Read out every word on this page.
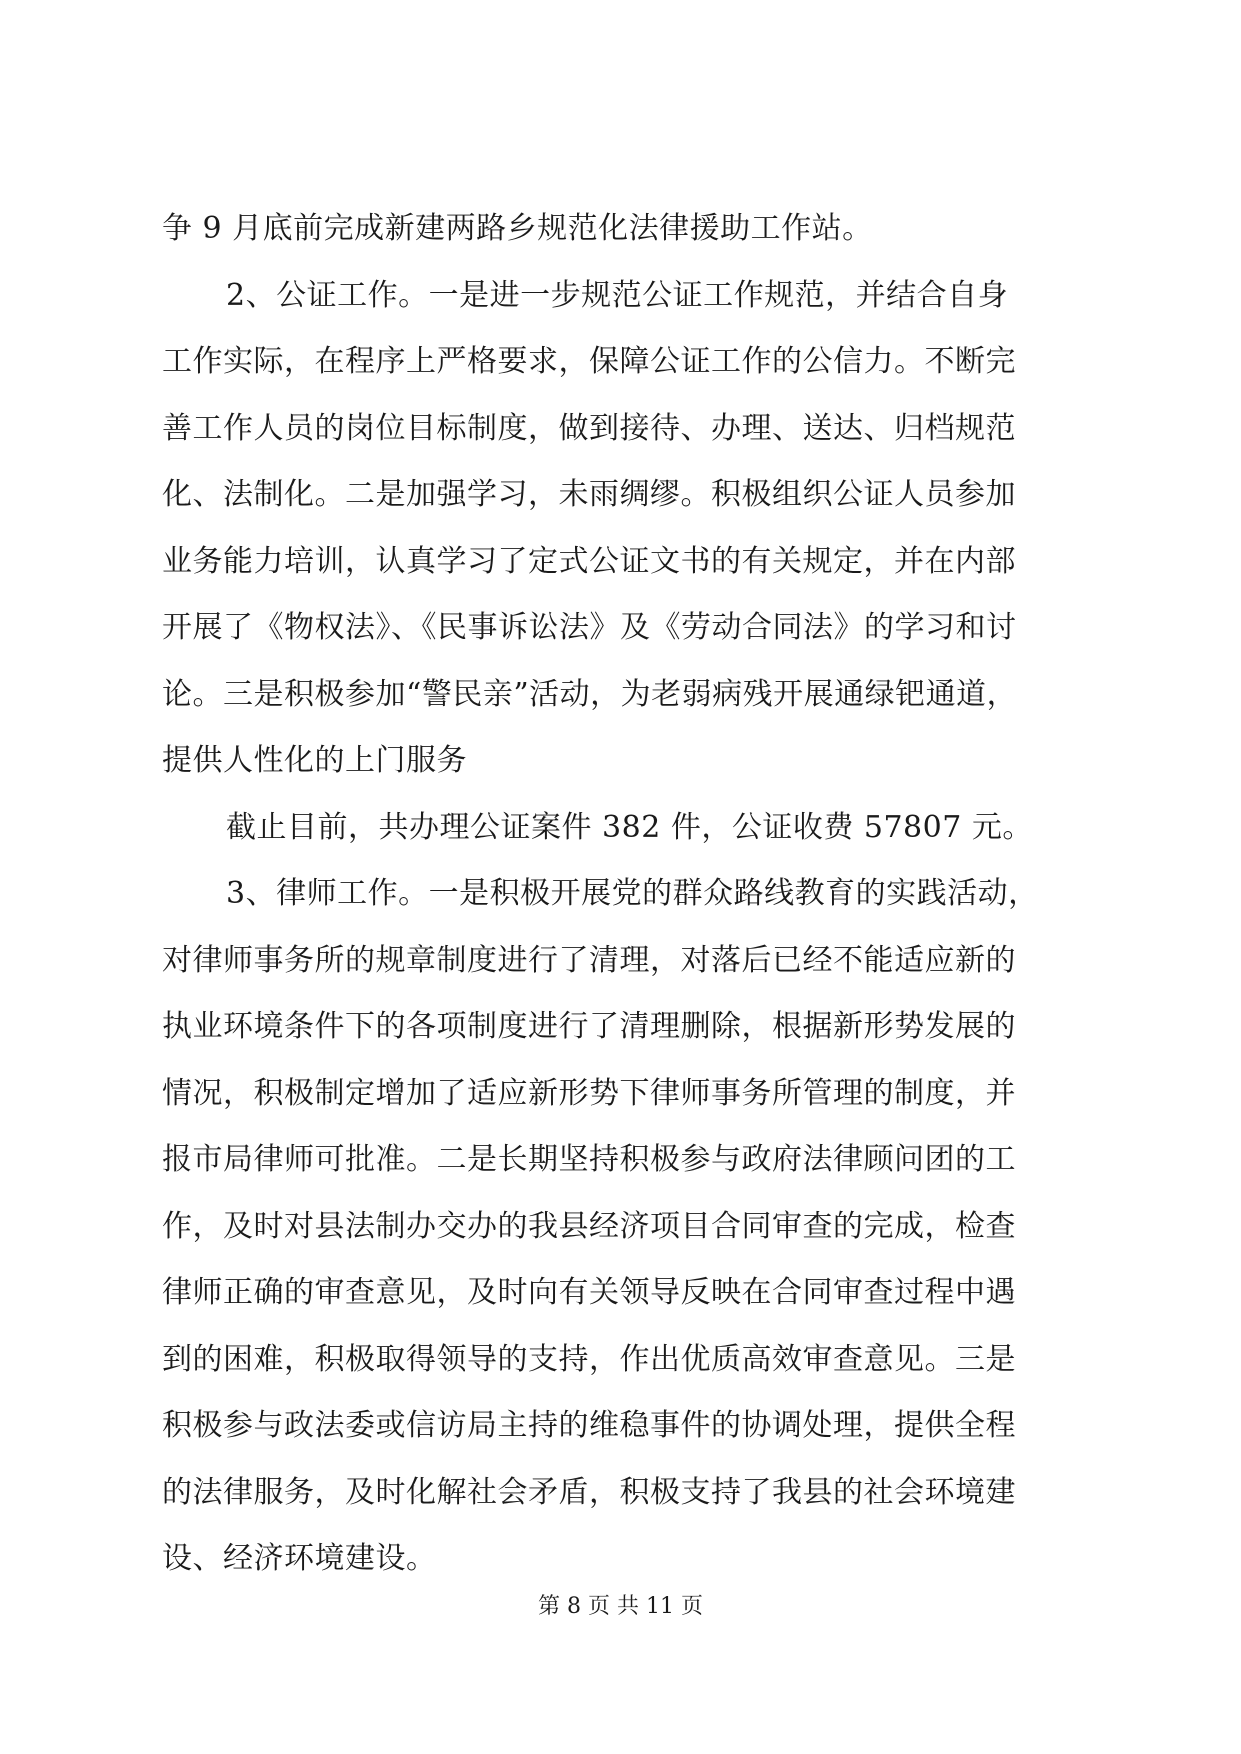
争 9 月底前完成新建两路乡规范化法律援助工作站。
2、公证工作。一是进一步规范公证工作规范，并结合自身
工作实际，在程序上严格要求，保障公证工作的公信力。不断完
善工作人员的岗位目标制度，做到接待、办理、送达、归档规范
化、法制化。二是加强学习，未雨绸缪。积极组织公证人员参加
业务能力培训，认真学习了定式公证文书的有关规定，并在内部
开展了《物权法》、《民事诉讼法》及《劳动合同法》的学习和讨
论。三是积极参加“警民亲”活动，为老弱病残开展通绿钯通道，
提供人性化的上门服务
截止目前，共办理公证案件 382 件，公证收费 57807 元。
3、律师工作。一是积极开展党的群众路线教育的实践活动，
对律师事务所的规章制度进行了清理，对落后已经不能适应新的
执业环境条件下的各项制度进行了清理删除，根据新形势发展的
情况，积极制定增加了适应新形势下律师事务所管理的制度，并
报市局律师可批准。二是长期坚持积极参与政府法律顾问团的工
作，及时对县法制办交办的我县经济项目合同审查的完成，检查
律师正确的审查意见，及时向有关领导反映在合同审查过程中遇
到的困难，积极取得领导的支持，作出优质高效审查意见。三是
积极参与政法委或信访局主持的维稳事件的协调处理，提供全程
的法律服务，及时化解社会矛盾，积极支持了我县的社会环境建
设、经济环境建设。
第 8 页 共 11 页
